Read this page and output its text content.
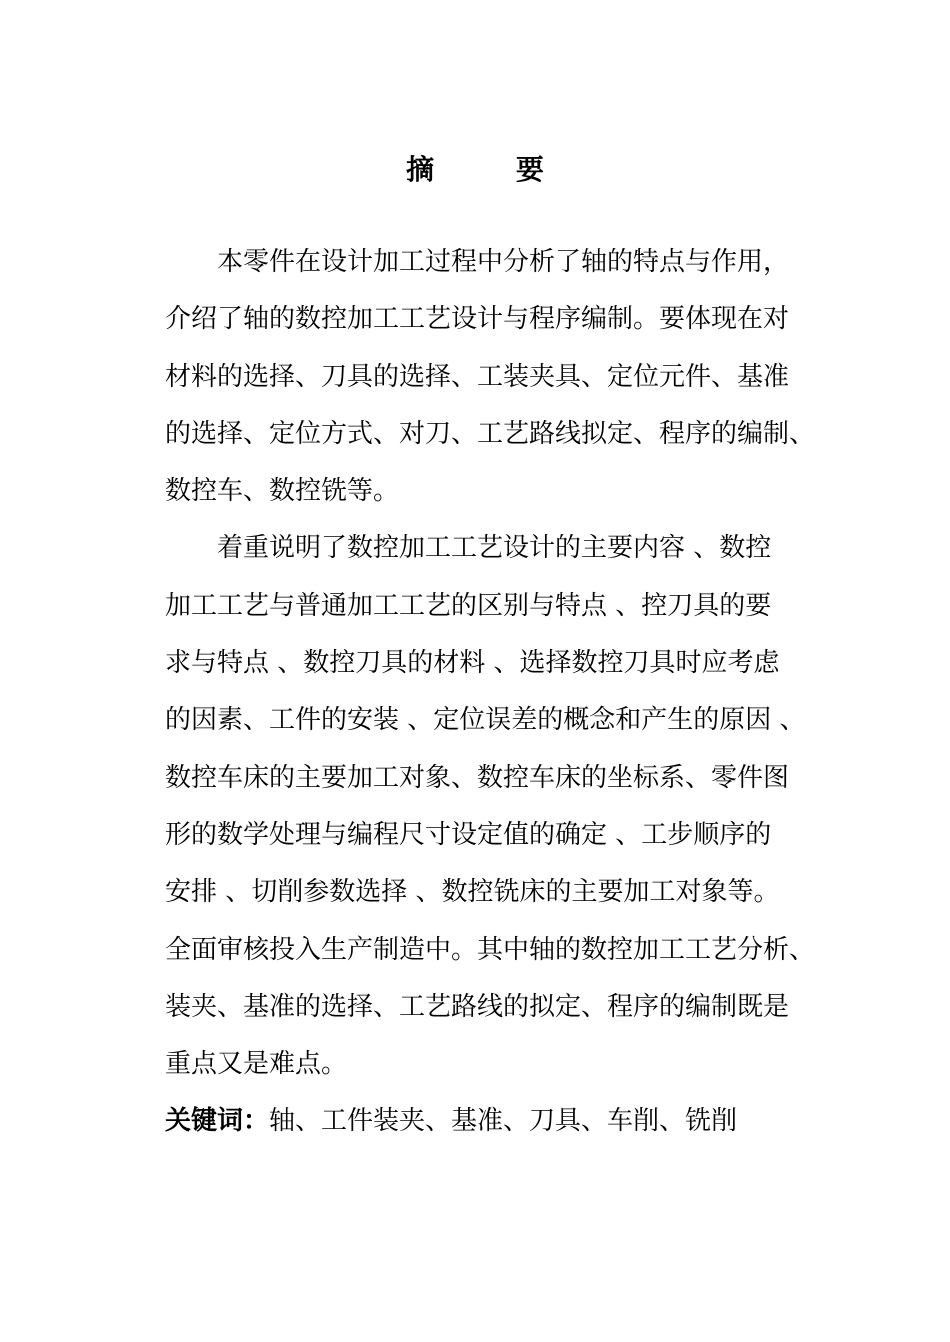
摘 要
本零件在设计加工过程中分析了轴的特点与作用，
介绍了轴的数控加工工艺设计与程序编制。要体现在对
材料的选择、刀具的选择、工装夹具、定位元件、基准
的选择、定位方式、对刀、工艺路线拟定、程序的编制、
数控车、数控铣等。
着重说明了数控加工工艺设计的主要内容 、数控
加工工艺与普通加工工艺的区别与特点 、控刀具的要
求与特点 、数控刀具的材料 、选择数控刀具时应考虑
的因素、工件的安装 、定位误差的概念和产生的原因 、
数控车床的主要加工对象、数控车床的坐标系、零件图
形的数学处理与编程尺寸设定值的确定 、工步顺序的
安排 、切削参数选择 、数控铣床的主要加工对象等。
全面审核投入生产制造中。其中轴的数控加工工艺分析、
装夹、基准的选择、工艺路线的拟定、程序的编制既是
重点又是难点。
关键词：轴、工件装夹、基准、刀具、车削、铣削
